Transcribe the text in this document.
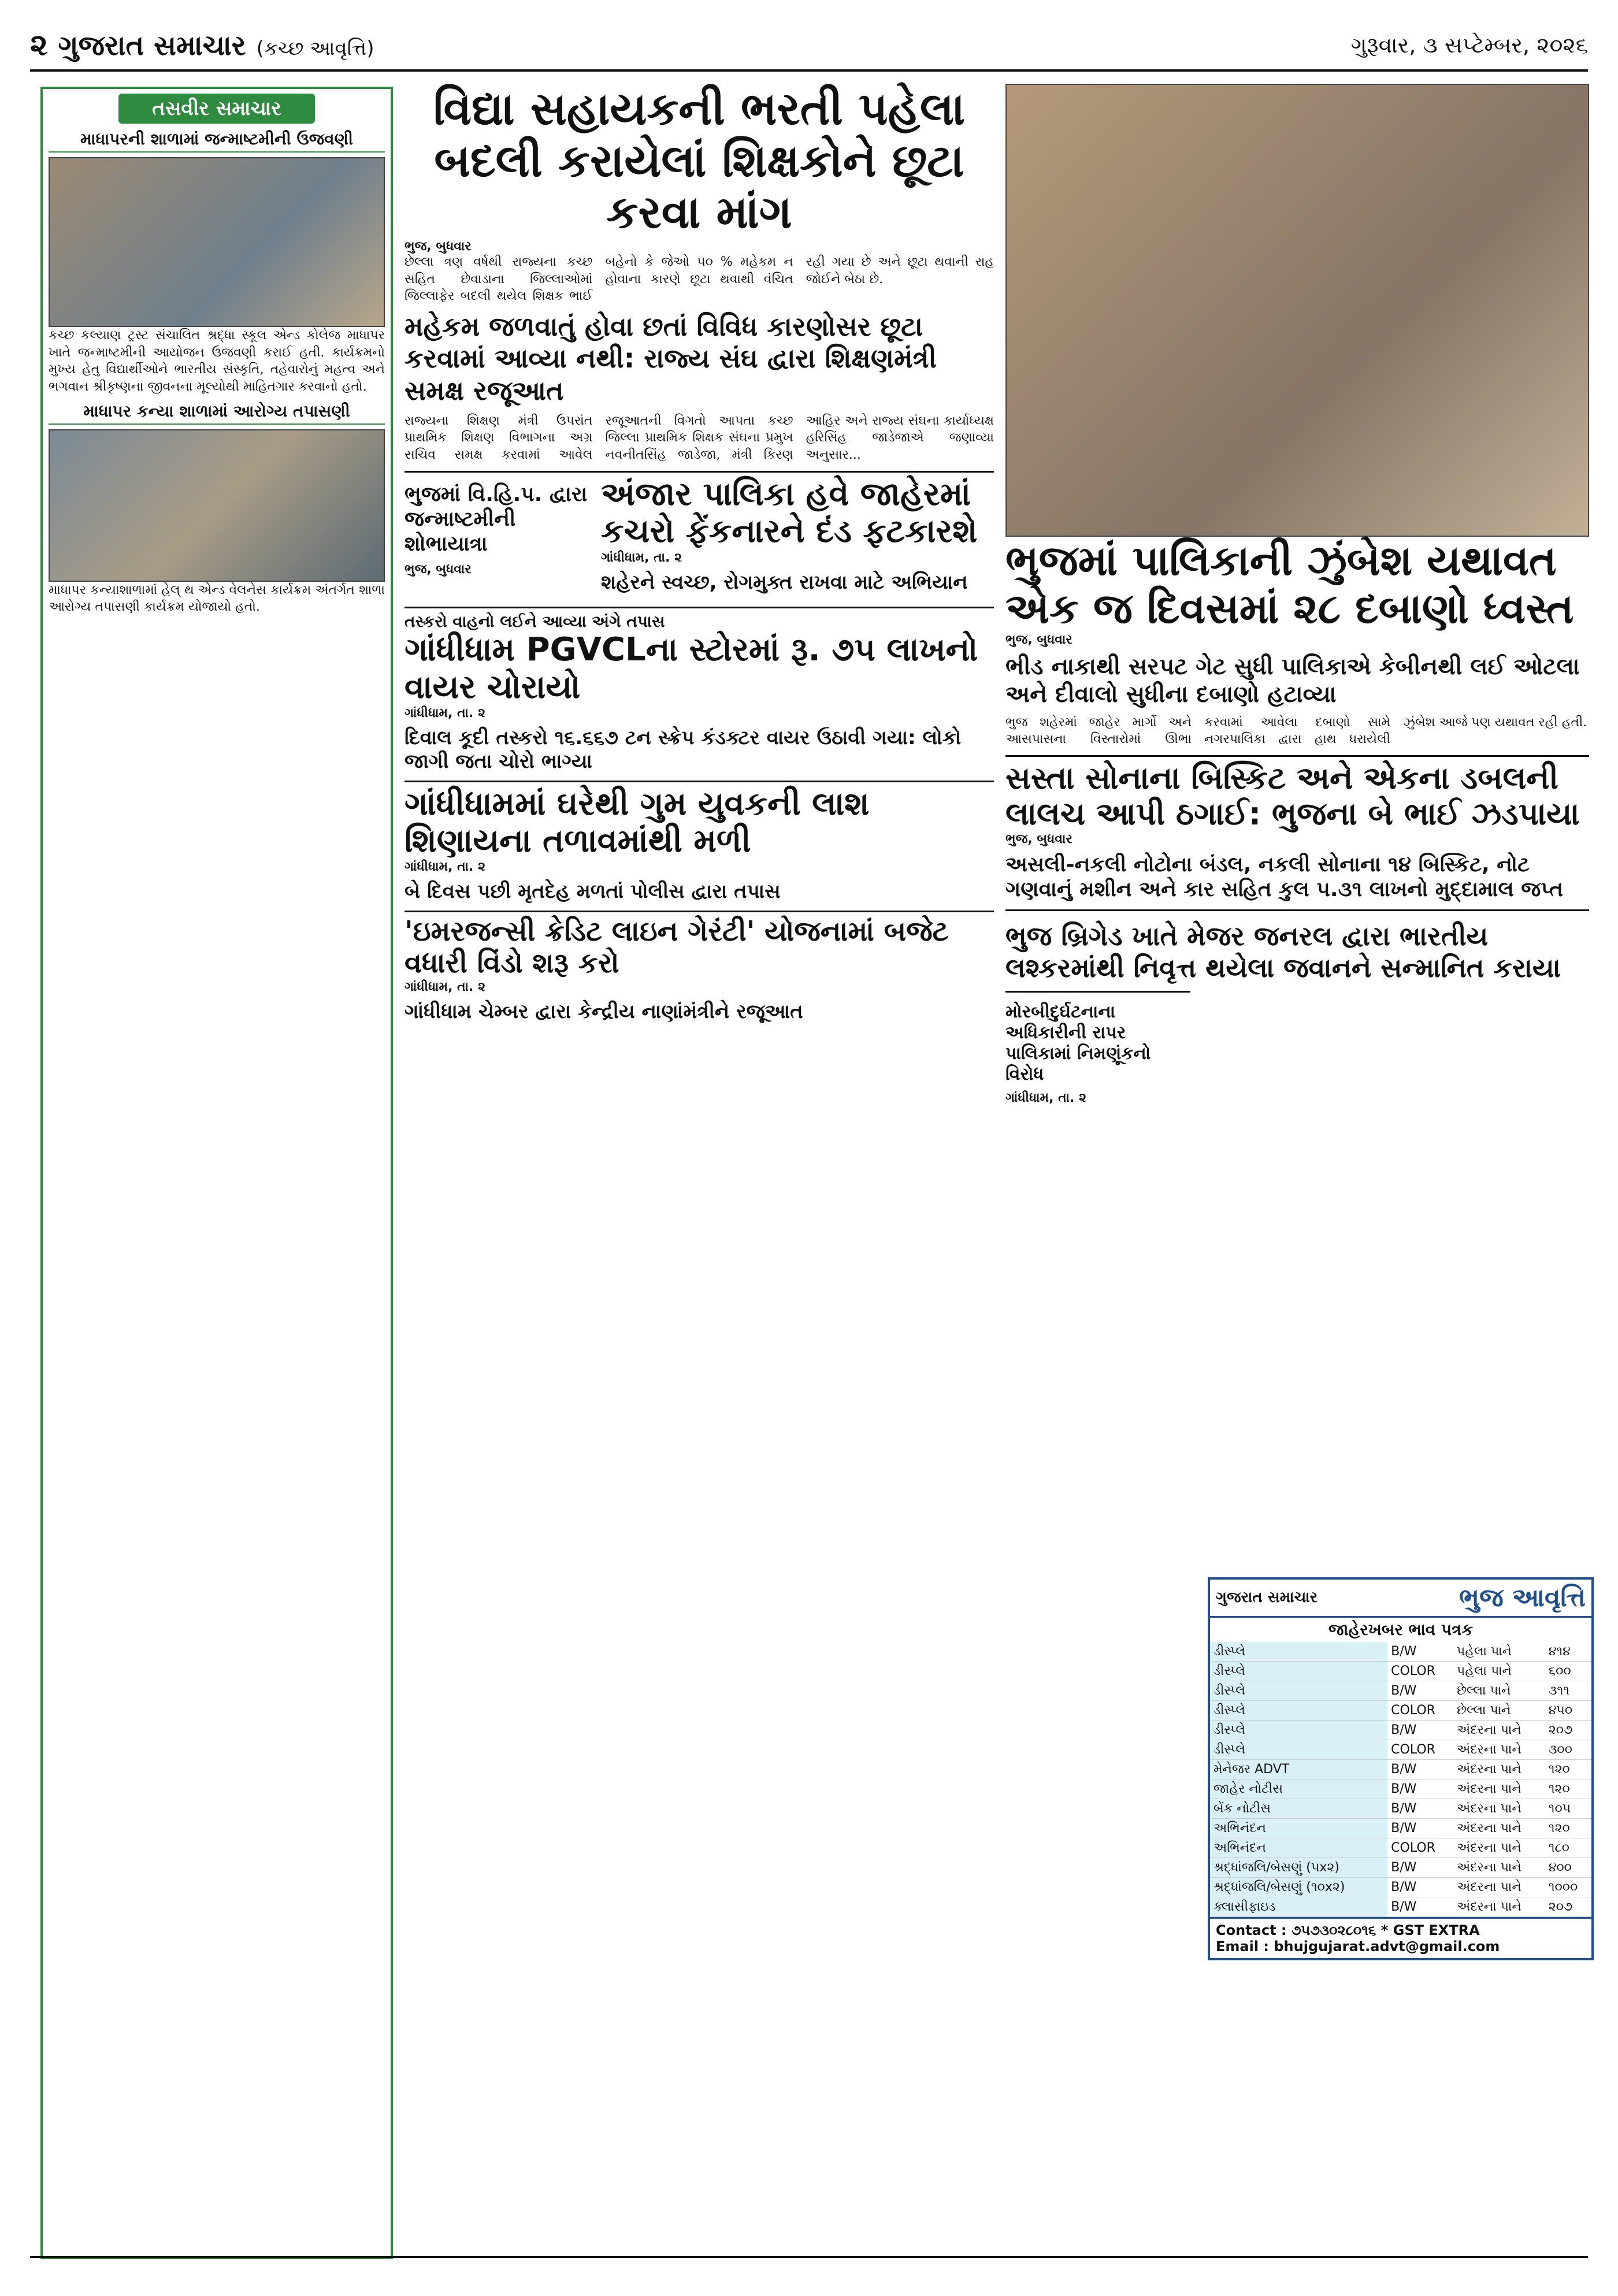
૨ ગુજરાત સમાચાર (કચ્છ આવૃત્તિ)	ગુરૂવાર, ૩ સપ્ટેમ્બર, ૨૦૨૬
તસવીર સમાચાર
માધાપરની શાળામાં જન્માષ્ટમીની ઉજવણી
કચ્છ કલ્યાણ ટ્રસ્ટ સંચાલિત શ્રદ્ધા સ્કૂલ એન્ડ કોલેજ માધાપર ખાતે જન્માષ્ટમીની આયોજન ઉજવણી કરાઈ હતી. કાર્યક્રમનો મુખ્ય હેતુ વિદ્યાર્થીઓને ભારતીય સંસ્કૃતિ, તહેવારોનું મહત્વ અને ભગવાન શ્રીકૃષ્ણના જીવનના મૂલ્યોથી માહિતગાર કરવાનો હતો.
માધાપર કન્યા શાળામાં આરોગ્ય તપાસણી
માધાપર કન્યાશાળામાં હેલ્ થ એન્ડ વેલનેસ કાર્યક્રમ અંતર્ગત શાળા આરોગ્ય તપાસણી કાર્યક્રમ યોજાયો હતો.
વિદ્યા સહાયકની ભરતી પહેલા બદલી કરાયેલાં શિક્ષકોને છૂટા કરવા માંગ
ભુજ, બુધવાર
છેલ્લા ત્રણ વર્ષથી રાજ્યના કચ્છ સહિત છેવાડાના જિલ્લાઓમાં જિલ્લાફેર બદલી થયેલ શિક્ષક ભાઈ બહેનો કે જેઓ ૫૦ % મહેકમ ન હોવાના કારણે છૂટા થવાથી વંચિત રહી ગયા છે અને છૂટા થવાની રાહ જોઈને બેઠા છે.
મહેકમ જળવાતું હોવા છતાં વિવિધ કારણોસર છૂટા કરવામાં આવ્યા નથી: રાજ્ય સંઘ દ્વારા શિક્ષણમંત્રી સમક્ષ રજૂઆત
રાજ્યના શિક્ષણ મંત્રી ઉપરાંત પ્રાથમિક શિક્ષણ વિભાગના અગ્ર સચિવ સમક્ષ કરવામાં આવેલ રજૂઆતની વિગતો આપતા કચ્છ જિલ્લા પ્રાથમિક શિક્ષક સંઘના પ્રમુખ નવનીતસિંહ જાડેજા, મંત્રી કિરણ આહિર અને રાજ્ય સંઘના કાર્યાધ્યક્ષ હરિસિંહ જાડેજાએ જણાવ્યા અનુસાર...
ભુજમાં વિ.હિ.પ. દ્વારા જન્માષ્ટમીની શોભાયાત્રા
ભુજ, બુધવાર
અંજાર પાલિકા હવે જાહેરમાં કચરો ફેંકનારને દંડ ફટકારશે
ગાંધીધામ, તા. ૨
શહેરને સ્વચ્છ, રોગમુક્ત રાખવા માટે અભિયાન
તસ્કરો વાહનો લઈને આવ્યા અંગે તપાસ
ગાંધીધામ PGVCLના સ્ટોરમાં રૂ. ૭૫ લાખનો વાયર ચોરાયો
ગાંધીધામ, તા. ૨
દિવાલ કૂદી તસ્કરો ૧૬.૬૬૭ ટન સ્ક્રેપ કંડક્ટર વાયર ઉઠાવી ગયા: લોકો જાગી જતા ચોરો ભાગ્યા
ગાંધીધામમાં ઘરેથી ગુમ યુવકની લાશ શિણાયના તળાવમાંથી મળી
ગાંધીધામ, તા. ૨
બે દિવસ પછી મૃતદેહ મળતાં પોલીસ દ્વારા તપાસ
'ઇમરજન્સી ક્રેડિટ લાઇન ગેરંટી' યોજનામાં બજેટ વધારી વિંડો શરૂ કરો
ગાંધીધામ, તા. ૨
ગાંધીધામ ચેમ્બર દ્વારા કેન્દ્રીય નાણાંમંત્રીને રજૂઆત
ભુજમાં પાલિકાની ઝુંબેશ યથાવત એક જ દિવસમાં ૨૮ દબાણો ધ્વસ્ત
ભુજ, બુધવાર
ભીડ નાકાથી સરપટ ગેટ સુધી પાલિકાએ કેબીનથી લઈ ઓટલા અને દીવાલો સુધીના દબાણો હટાવ્યા
ભુજ શહેરમાં જાહેર માર્ગો અને આસપાસના વિસ્તારોમાં ઊભા કરવામાં આવેલા દબાણો સામે નગરપાલિકા દ્વારા હાથ ધરાયેલી ઝુંબેશ આજે પણ યથાવત રહી હતી.
સસ્તા સોનાના બિસ્કિટ અને એકના ડબલની લાલચ આપી ઠગાઈ: ભુજના બે ભાઈ ઝડપાયા
ભુજ, બુધવાર
અસલી-નકલી નોટોના બંડલ, નકલી સોનાના ૧૪ બિસ્કિટ, નોટ ગણવાનું મશીન અને કાર સહિત કુલ ૫.૩૧ લાખનો મુદ્દામાલ જપ્ત
ભુજ બ્રિગેડ ખાતે મેજર જનરલ દ્વારા ભારતીય લશ્કરમાંથી નિવૃત્ત થયેલા જવાનને સન્માનિત કરાયા
મોરબીદુર્ઘટનાના અધિકારીની રાપર પાલિકામાં નિમણૂંકનો વિરોધ
ગાંધીધામ, તા. ૨
ગુજરાત સમાચાર	ભુજ આવૃત્તિ
જાહેરખબર ભાવ પત્રક
ડીસ્પ્લે	B/W	પહેલા પાને	૪૧૪
ડીસ્પ્લે	COLOR	પહેલા પાને	૬૦૦
ડીસ્પ્લે	B/W	છેલ્લા પાને	૩૧૧
ડીસ્પ્લે	COLOR	છેલ્લા પાને	૪૫૦
ડીસ્પ્લે	B/W	અંદરના પાને	૨૦૭
ડીસ્પ્લે	COLOR	અંદરના પાને	૩૦૦
મેનેજર ADVT	B/W	અંદરના પાને	૧૨૦
જાહેર નોટીસ	B/W	અંદરના પાને	૧૨૦
બેંક નોટીસ	B/W	અંદરના પાને	૧૦૫
અભિનંદન	B/W	અંદરના પાને	૧૨૦
અભિનંદન	COLOR	અંદરના પાને	૧૮૦
શ્રદ્ધાંજલિ/બેસણું (૫x૨)	B/W	અંદરના પાને	૪૦૦
શ્રદ્ધાંજલિ/બેસણું (૧૦x૨)	B/W	અંદરના પાને	૧૦૦૦
ક્લાસીફાઇડ	B/W	અંદરના પાને	૨૦૭
Contact : ૭૫૭૩૦૨૮૦૧૬ * GST EXTRA
Email : bhujgujarat.advt@gmail.com
